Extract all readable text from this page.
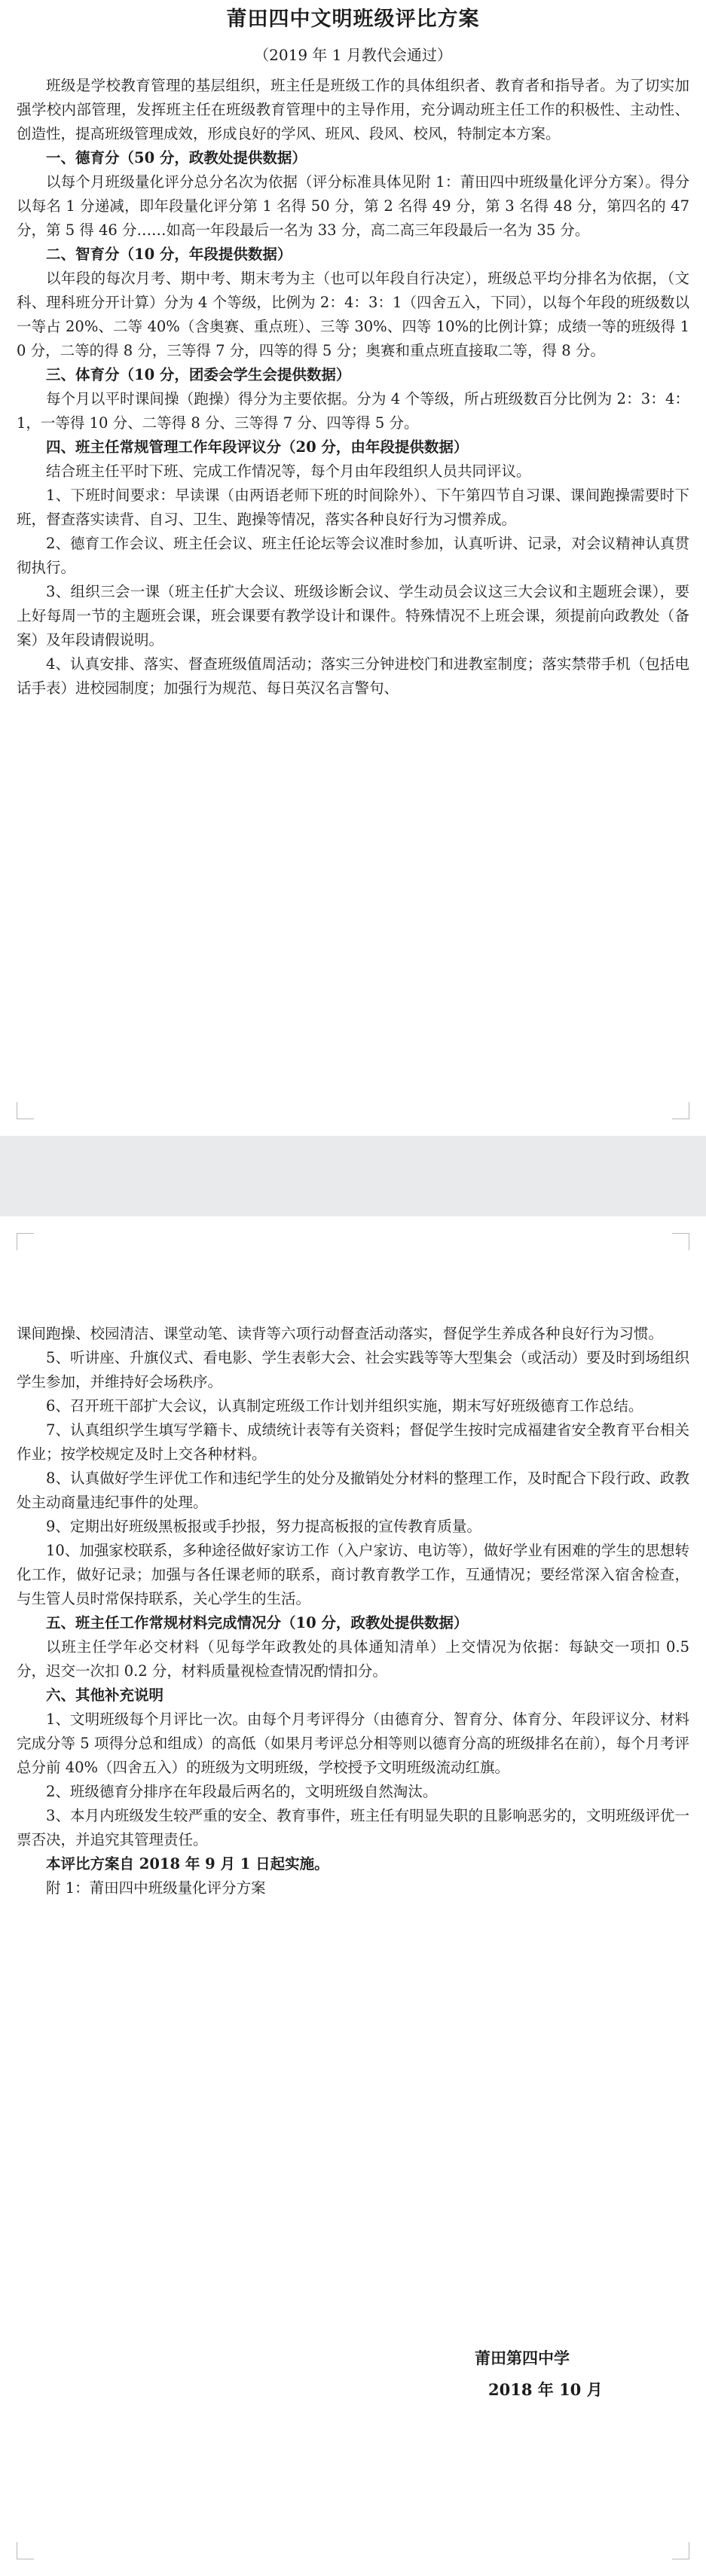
莆田四中文明班级评比方案
（2019 年 1 月教代会通过）

班级是学校教育管理的基层组织，班主任是班级工作的具体组织者、教育者和指导者。为了切实加强学校内部管理，发挥班主任在班级教育管理中的主导作用，充分调动班主任工作的积极性、主动性、创造性，提高班级管理成效，形成良好的学风、班风、段风、校风，特制定本方案。

一、德育分（50 分，政教处提供数据）

以每个月班级量化评分总分名次为依据（评分标准具体见附 1：莆田四中班级量化评分方案）。得分以每名 1 分递减，即年段量化评分第 1 名得 50 分，第 2 名得 49 分，第 3 名得 48 分，第四名的 47 分，第 5 得 46 分……如高一年段最后一名为 33 分，高二高三年段最后一名为 35 分。

二、智育分（10 分，年段提供数据）

以年段的每次月考、期中考、期末考为主（也可以年段自行决定），班级总平均分排名为依据，（文科、理科班分开计算）分为 4 个等级，比例为 2：4：3：1（四舍五入，下同），以每个年段的班级数以一等占 20%、二等 40%（含奥赛、重点班）、三等 30%、四等 10%的比例计算；成绩一等的班级得 10 分，二等的得 8 分，三等得 7 分，四等的得 5 分；奥赛和重点班直接取二等，得 8 分。

三、体育分（10 分，团委会学生会提供数据）

每个月以平时课间操（跑操）得分为主要依据。分为 4 个等级，所占班级数百分比例为 2：3：4：1，一等得 10 分、二等得 8 分、三等得 7 分、四等得 5 分。

四、班主任常规管理工作年段评议分（20 分，由年段提供数据）

结合班主任平时下班、完成工作情况等，每个月由年段组织人员共同评议。

1、下班时间要求：早读课（由两语老师下班的时间除外）、下午第四节自习课、课间跑操需要时下班，督查落实读背、自习、卫生、跑操等情况，落实各种良好行为习惯养成。

2、德育工作会议、班主任会议、班主任论坛等会议准时参加，认真听讲、记录，对会议精神认真贯彻执行。

3、组织三会一课（班主任扩大会议、班级诊断会议、学生动员会议这三大会议和主题班会课），要上好每周一节的主题班会课，班会课要有教学设计和课件。特殊情况不上班会课，须提前向政教处（备案）及年段请假说明。

4、认真安排、落实、督查班级值周活动；落实三分钟进校门和进教室制度；落实禁带手机（包括电话手表）进校园制度；加强行为规范、每日英汉名言警句、

课间跑操、校园清洁、课堂动笔、读背等六项行动督查活动落实，督促学生养成各种良好行为习惯。

5、听讲座、升旗仪式、看电影、学生表彰大会、社会实践等等大型集会（或活动）要及时到场组织学生参加，并维持好会场秩序。

6、召开班干部扩大会议，认真制定班级工作计划并组织实施，期末写好班级德育工作总结。

7、认真组织学生填写学籍卡、成绩统计表等有关资料；督促学生按时完成福建省安全教育平台相关作业；按学校规定及时上交各种材料。

8、认真做好学生评优工作和违纪学生的处分及撤销处分材料的整理工作，及时配合下段行政、政教处主动商量违纪事件的处理。

9、定期出好班级黑板报或手抄报，努力提高板报的宣传教育质量。

10、加强家校联系，多种途径做好家访工作（入户家访、电访等），做好学业有困难的学生的思想转化工作，做好记录；加强与各任课老师的联系，商讨教育教学工作，互通情况；要经常深入宿舍检查，与生管人员时常保持联系，关心学生的生活。

五、班主任工作常规材料完成情况分（10 分，政教处提供数据）

以班主任学年必交材料（见每学年政教处的具体通知清单）上交情况为依据：每缺交一项扣 0.5 分，迟交一次扣 0.2 分，材料质量视检查情况酌情扣分。

六、其他补充说明

1、文明班级每个月评比一次。由每个月考评得分（由德育分、智育分、体育分、年段评议分、材料完成分等 5 项得分总和组成）的高低（如果月考评总分相等则以德育分高的班级排名在前），每个月考评总分前 40%（四舍五入）的班级为文明班级，学校授予文明班级流动红旗。

2、班级德育分排序在年段最后两名的，文明班级自然淘汰。

3、本月内班级发生较严重的安全、教育事件，班主任有明显失职的且影响恶劣的，文明班级评优一票否决，并追究其管理责任。

本评比方案自 2018 年 9 月 1 日起实施。

附 1：莆田四中班级量化评分方案

莆田第四中学
2018 年 10 月
